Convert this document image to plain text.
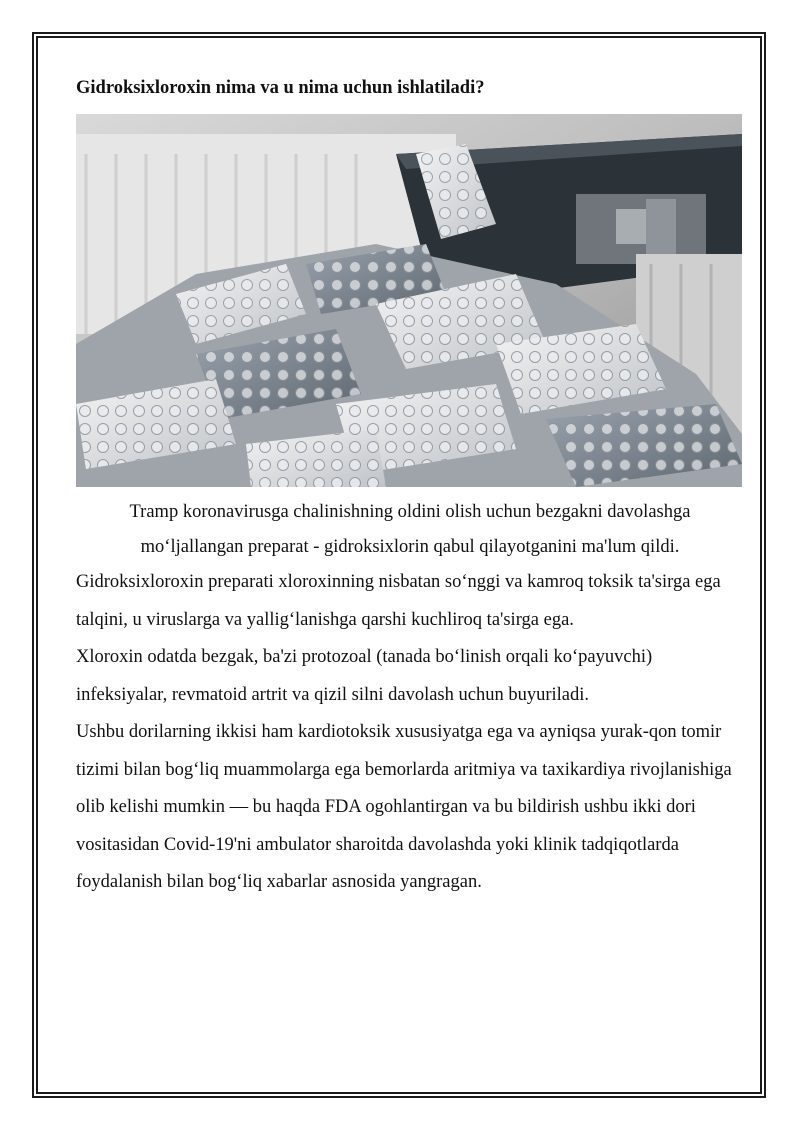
Gidroksixloroxin nima va u nima uchun ishlatiladi?

Tramp koronavirusga chalinishning oldini olish uchun bezgakni davolashga mo‘ljallangan preparat - gidroksixlorin qabul qilayotganini ma'lum qildi.

Gidroksixloroxin preparati xloroxinning nisbatan so‘nggi va kamroq toksik ta'sirga ega talqini, u viruslarga va yallig‘lanishga qarshi kuchliroq ta'sirga ega.

Xloroxin odatda bezgak, ba'zi protozoal (tanada bo‘linish orqali ko‘payuvchi) infeksiyalar, revmatoid artrit va qizil silni davolash uchun buyuriladi.

Ushbu dorilarning ikkisi ham kardiotoksik xususiyatga ega va ayniqsa yurak-qon tomir tizimi bilan bog‘liq muammolarga ega bemorlarda aritmiya va taxikardiya rivojlanishiga olib kelishi mumkin — bu haqda FDA ogohlantirgan va bu bildirish ushbu ikki dori vositasidan Covid-19'ni ambulator sharoitda davolashda yoki klinik tadqiqotlarda foydalanish bilan bog‘liq xabarlar asnosida yangragan.
